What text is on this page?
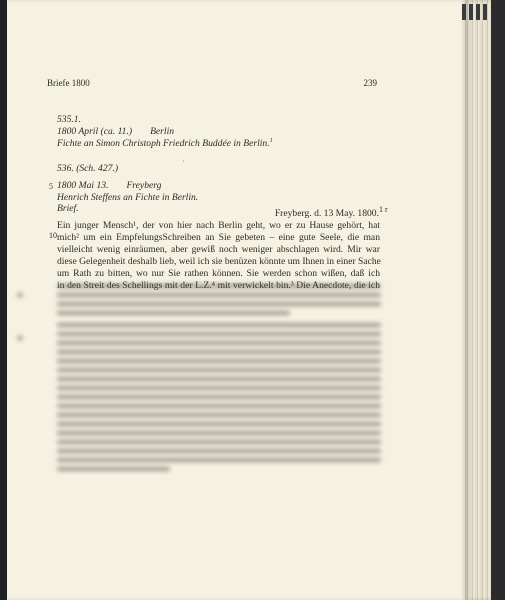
Briefe 1800	239
535.1.
1800 April (ca. 11.) Berlin
Fichte an Simon Christoph Friedrich Buddée in Berlin.$^1$
·
536. (Sch. 427.)
1800 Mai 13. Freyberg
5
Henrich Steffens an Fichte in Berlin.
Brief.	1 r
Freyberg. d. 13 May. 1800.
10
Ein junger Mensch¹, der von hier nach Berlin geht, wo er zu Hause gehört, hat
mich² um ein EmpfelungsSchreiben an Sie gebeten – eine gute Seele, die man
vielleicht wenig einräumen, aber gewiß noch weniger abschlagen wird. Mir war
diese Gelegenheit deshalb lieb, weil ich sie benüzen könnte um Ihnen in einer Sache
um Rath zu bitten, wo nur Sie rathen können. Sie werden schon wißen, daß ich
